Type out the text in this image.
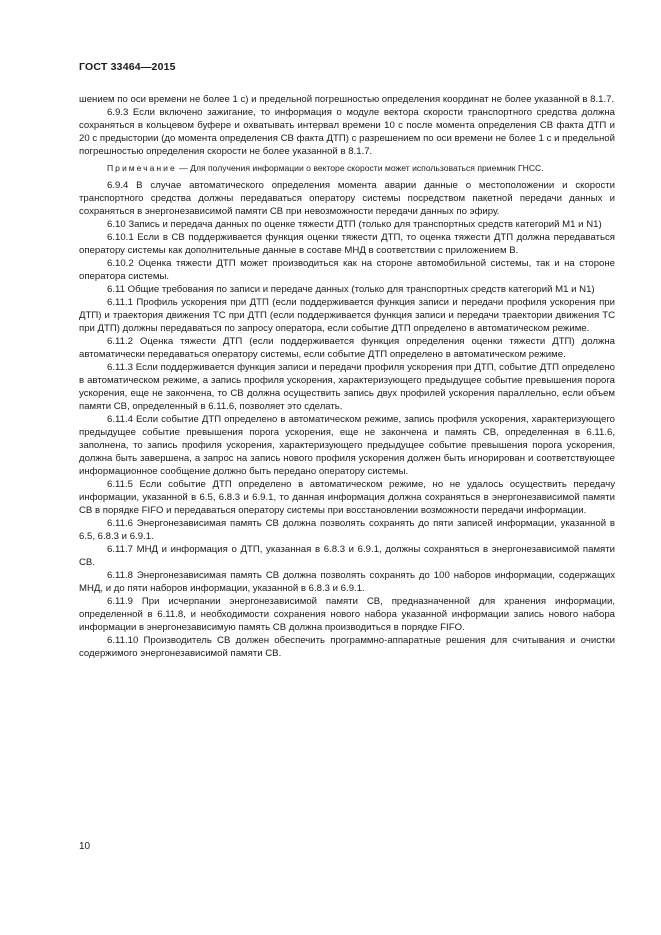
ГОСТ 33464—2015

шением по оси времени не более 1 с) и предельной погрешностью определения координат не более указанной в 8.1.7.

6.9.3 Если включено зажигание, то информация о модуле вектора скорости транспортного средства должна сохраняться в кольцевом буфере и охватывать интервал времени 10 с после момента определения СВ факта ДТП и 20 с предыстории (до момента определения СВ факта ДТП) с разрешением по оси времени не более 1 с и предельной погрешностью определения скорости не более указанной в 8.1.7.

Примечание — Для получения информации о векторе скорости может использоваться приемник ГНСС.

6.9.4 В случае автоматического определения момента аварии данные о местоположении и скорости транспортного средства должны передаваться оператору системы посредством пакетной передачи данных и сохраняться в энергонезависимой памяти СВ при невозможности передачи данных по эфиру.

6.10 Запись и передача данных по оценке тяжести ДТП (только для транспортных средств категорий М1 и N1)

6.10.1 Если в СВ поддерживается функция оценки тяжести ДТП, то оценка тяжести ДТП должна передаваться оператору системы как дополнительные данные в составе МНД в соответствии с приложением В.

6.10.2 Оценка тяжести ДТП может производиться как на стороне автомобильной системы, так и на стороне оператора системы.

6.11 Общие требования по записи и передаче данных (только для транспортных средств категорий М1 и N1)

6.11.1 Профиль ускорения при ДТП (если поддерживается функция записи и передачи профиля ускорения при ДТП) и траектория движения ТС при ДТП (если поддерживается функция записи и передачи траектории движения ТС при ДТП) должны передаваться по запросу оператора, если событие ДТП определено в автоматическом режиме.

6.11.2 Оценка тяжести ДТП (если поддерживается функция определения оценки тяжести ДТП) должна автоматически передаваться оператору системы, если событие ДТП определено в автоматическом режиме.

6.11.3 Если поддерживается функция записи и передачи профиля ускорения при ДТП, событие ДТП определено в автоматическом режиме, а запись профиля ускорения, характеризующего предыдущее событие превышения порога ускорения, еще не закончена, то СВ должна осуществить запись двух профилей ускорения параллельно, если объем памяти СВ, определенный в 6.11.6, позволяет это сделать.

6.11.4 Если событие ДТП определено в автоматическом режиме, запись профиля ускорения, характеризующего предыдущее событие превышения порога ускорения, еще не закончена и память СВ, определенная в 6.11.6, заполнена, то запись профиля ускорения, характеризующего предыдущее событие превышения порога ускорения, должна быть завершена, а запрос на запись нового профиля ускорения должен быть игнорирован и соответствующее информационное сообщение должно быть передано оператору системы.

6.11.5 Если событие ДТП определено в автоматическом режиме, но не удалось осуществить передачу информации, указанной в 6.5, 6.8.3 и 6.9.1, то данная информация должна сохраняться в энергонезависимой памяти СВ в порядке FIFO и передаваться оператору системы при восстановлении возможности передачи информации.

6.11.6 Энергонезависимая память СВ должна позволять сохранять до пяти записей информации, указанной в 6.5, 6.8.3 и 6.9.1.

6.11.7 МНД и информация о ДТП, указанная в 6.8.3 и 6.9.1, должны сохраняться в энергонезависимой памяти СВ.

6.11.8 Энергонезависимая память СВ должна позволять сохранять до 100 наборов информации, содержащих МНД, и до пяти наборов информации, указанной в 6.8.3 и 6.9.1.

6.11.9 При исчерпании энергонезависимой памяти СВ, предназначенной для хранения информации, определенной в 6.11.8, и необходимости сохранения нового набора указанной информации запись нового набора информации в энергонезависимую память СВ должна производиться в порядке FIFO.

6.11.10 Производитель СВ должен обеспечить программно-аппаратные решения для считывания и очистки содержимого энергонезависимой памяти СВ.

10
